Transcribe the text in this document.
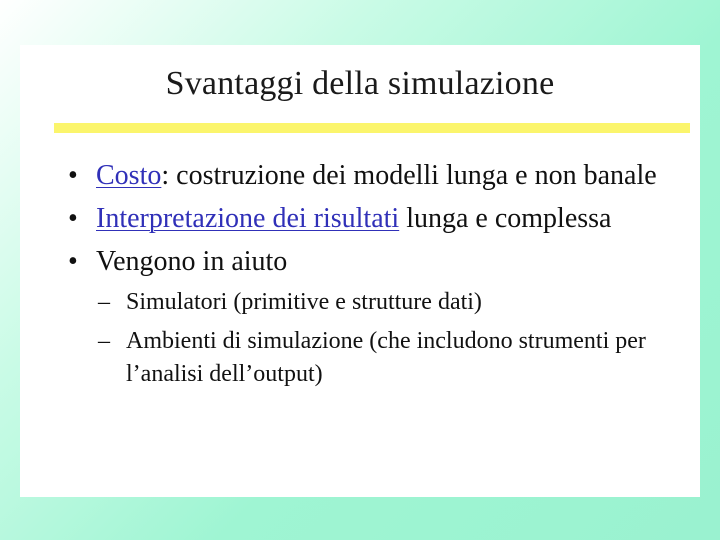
Svantaggi della simulazione
• Costo: costruzione dei modelli lunga e non banale
• Interpretazione dei risultati lunga e complessa
• Vengono in aiuto
– Simulatori (primitive e strutture dati)
– Ambienti di simulazione (che includono strumenti per l’analisi dell’output)
